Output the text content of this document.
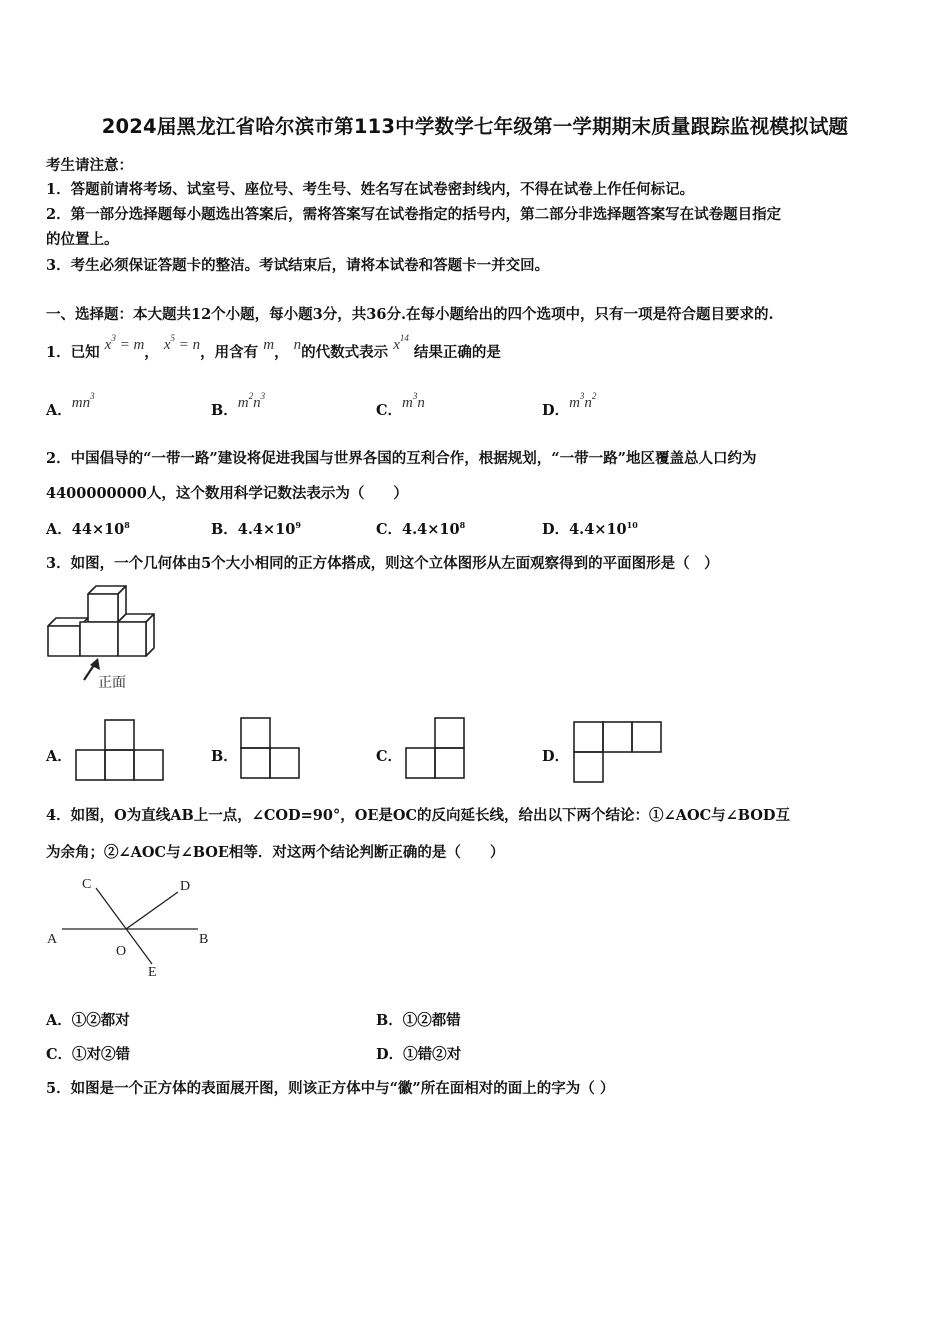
2024届黑龙江省哈尔滨市第113中学数学七年级第一学期期末质量跟踪监视模拟试题
考生请注意：
1．答题前请将考场、试室号、座位号、考生号、姓名写在试卷密封线内，不得在试卷上作任何标记。
2．第一部分选择题每小题选出答案后，需将答案写在试卷指定的括号内，第二部分非选择题答案写在试卷题目指定
的位置上。
3．考生必须保证答题卡的整洁。考试结束后，请将本试卷和答题卡一并交回。
一、选择题：本大题共12个小题，每小题3分，共36分.在每小题给出的四个选项中，只有一项是符合题目要求的.
1．已知 $x^3 = m$， $x^5 = n$，用含有 m， n的代数式表示 $x^{14}$ 结果正确的是
A．$mn^3$
B．$m^2n^3$
C．$m^3n$	D．$m^3n^2$
2．中国倡导的“一带一路”建设将促进我国与世界各国的互利合作，根据规划，“一带一路”地区覆盖总人口约为
4400000000人，这个数用科学记数法表示为（　　）
A．$44\times 10^8$	B．$4.4\times 10^9$	C．$4.4\times 10^8$	D．$4.4\times 10^{10}$
3．如图，一个几何体由5个大小相同的正方体搭成，则这个立体图形从左面观察得到的平面图形是（　）
正面
A．	B．	C．	D．
4．如图，O为直线AB上一点，∠COD=90°，OE是OC的反向延长线，给出以下两个结论：①∠AOC与∠BOD互
为余角；②∠AOC与∠BOE相等．对这两个结论判断正确的是（　　）
A	B
C	D
O
E
A．①②都对	B．①②都错
C．①对②错	D．①错②对
5．如图是一个正方体的表面展开图，则该正方体中与“徽”所在面相对的面上的字为（ ）
